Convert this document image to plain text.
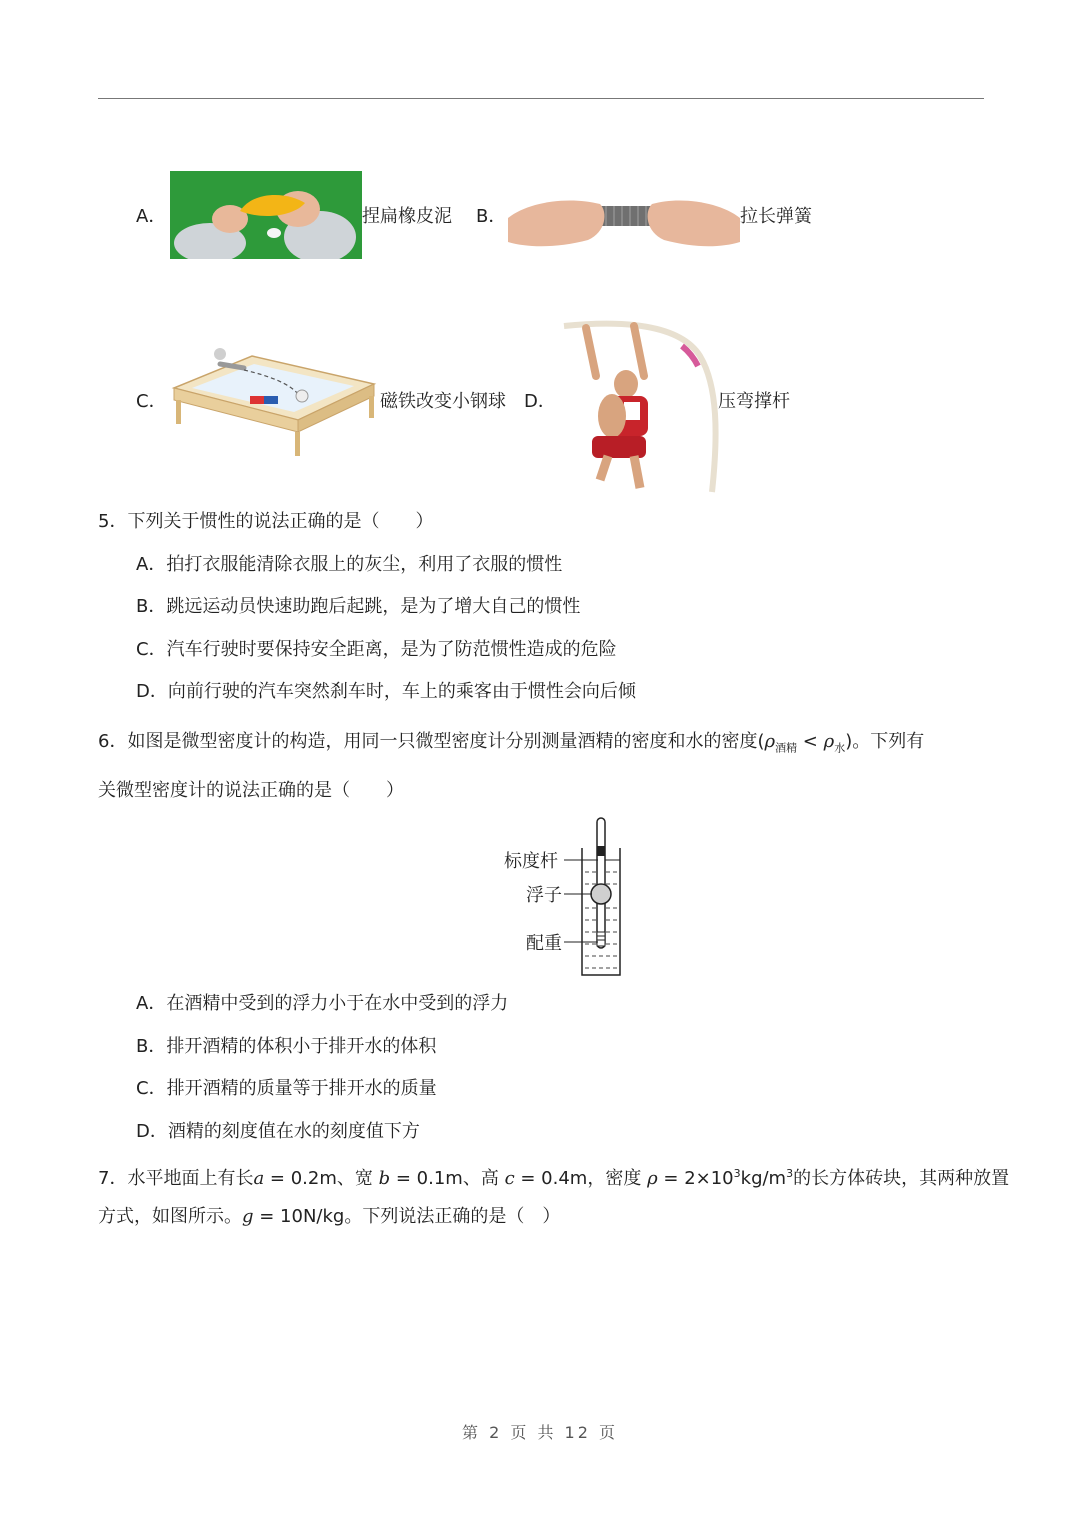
A．	捏扁橡皮泥 B．	拉长弹簧
C．	磁铁改变小钢球 D．	压弯撑杆
5．下列关于惯性的说法正确的是（　　）
A．拍打衣服能清除衣服上的灰尘，利用了衣服的惯性
B．跳远运动员快速助跑后起跳，是为了增大自己的惯性
C．汽车行驶时要保持安全距离，是为了防范惯性造成的危险
D．向前行驶的汽车突然刹车时，车上的乘客由于惯性会向后倾
6．如图是微型密度计的构造，用同一只微型密度计分别测量酒精的密度和水的密度$(\rho_{酒精} < \rho_水)$。下列有
关微型密度计的说法正确的是（　　）
标度杆
浮子
配重
A．在酒精中受到的浮力小于在水中受到的浮力
B．排开酒精的体积小于排开水的体积
C．排开酒精的质量等于排开水的质量
D．酒精的刻度值在水的刻度值下方
7．水平地面上有长a = 0.2m、宽 b = 0.1m、高 c = 0.4m，密度 $\rho = 2\times 10^3kg/m^3$的长方体砖块，其两种放置
方式，如图所示。g = 10N/kg。下列说法正确的是（　）
第 2 页 共 12 页
